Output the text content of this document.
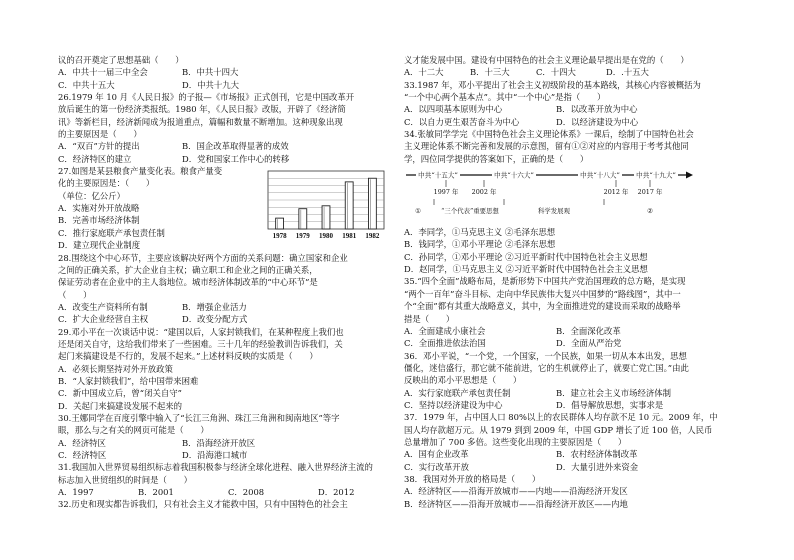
议的召开奠定了思想基础（　　）
A．中共十一届三中全会	B．中共十四大
C．中共十五大	D．中共十九大
26.1979 年 10 月《人民日报》的子报—《市场报》正式创刊，它是中国改革开
放后诞生的第一份经济类报纸。1980 年，《人民日报》改版，开辟了《经济简
讯》等新栏目，经济新闻成为报道重点，篇幅和数量不断增加。这种现象出现
的主要原因是（　　）
A．“双百”方针的提出	B．国企改革取得显著的成效
C．经济特区的建立	D．党和国家工作中心的转移
27.如图是某县粮食产量变化表。粮食产量变
化的主要原因是：（　　）
（单位：亿公斤）
A．实施对外开放战略
B．完善市场经济体制
C．推行家庭联产承包责任制
D．建立现代企业制度
28.围绕这个中心环节，主要应该解决好两个方面的关系问题：确立国家和企业
之间的正确关系，扩大企业自主权；确立职工和企业之间的正确关系，
保证劳动者在企业中的主人翁地位。城市经济体制改革的“中心环节”是
（　　）
A．改变生产资料所有制	B．增强企业活力
C．扩大企业经营自主权	D．改变分配方式
29.邓小平在一次谈话中说：“建国以后，人家封锁我们，在某种程度上我们也
还是闭关自守，这给我们带来了一些困难。三十几年的经验教训告诉我们，关
起门来搞建设是不行的，发展不起来。”上述材料反映的实质是（　　）
A．必须长期坚持对外开放政策
B．“人家封锁我们”，给中国带来困难
C．新中国成立后，曾“闭关自守”
D．关起门来搞建设发展不起来的
30.王娜同学在百度引擎中输入了“长江三角洲、珠江三角洲和闽南地区”等字
眼，那么与之有关的网页可能是（　　）
A．经济特区	B．沿海经济开放区
C．经济特区	D．沿海港口城市
31.我国加入世界贸易组织标志着我国积极参与经济全球化进程、融入世界经济主流的
标志加入世贸组织的时间是（　　）
A．1997	B．2001	C．2008	D．2012
32.历史和现实都告诉我们，只有社会主义才能救中国，只有中国特色的社会主
1978 1979 1980 1981 1982
义才能发展中国。建设有中国特色的社会主义理论最早提出是在党的（　　）
A．十二大	B．十三大	C．十四大	D．.十五大
33.1987 年，邓小平提出了社会主义初级阶段的基本路线，其核心内容被概括为
“一个中心两个基本点”。其中“一个中心”是指（　　）
A．以四项基本原则为中心	B．以改革开放为中心
C．以自力更生艰苦奋斗为中心	D．以经济建设为中心
34.张敏同学学完《中国特色社会主义理论体系》一课后，绘制了中国特色社会
主义理论体系不断完善和发展的示意图，留有①②对应的内容用于考考其他同
学，四位同学提供的答案如下，正确的是（　　）
A．李同学，①马克思主义 ②毛泽东思想
B．钱同学，①邓小平理论 ②毛泽东思想
C．孙同学，①邓小平理论 ②习近平新时代中国特色社会主义思想
D．赵同学，①马克思主义 ②习近平新时代中国特色社会主义思想
35.“四个全面”战略布局，是新形势下中国共产党治国理政的总方略，是实现
“两个一百年”奋斗目标、走向中华民族伟大复兴中国梦的“路线图”，其中一
个“全面”都有其重大战略意义，其中，为全面推进党的建设而采取的战略举
措是（　　）
A．全面建成小康社会	B．全面深化改革
C．全面推进依法治国	D．全面从严治党
36．邓小平说，“一个党，一个国家，一个民族，如果一切从本本出发，思想
僵化，迷信盛行，那它就不能前进，它的生机就停止了，就要亡党亡国。”由此
反映出的邓小平思想是（　　）
A．实行家庭联产承包责任制	B．建立社会主义市场经济体制
C．坚持以经济建设为中心	D．倡导解放思想，实事求是
37．1979 年，占中国人口 80%以上的农民群体人均存款不足 10 元。2009 年，中
国人均存款超万元。从 1979 到到 2009 年，中国 GDP 增长了近 100 倍，人民币
总量增加了 700 多倍。这些变化出现的主要原因是（　　）
A．国有企业改革	B．农村经济体制改革
C．实行改革开放	D．大量引进外来资金
38．我国对外开放的格局是（　　）
A．经济特区——沿海开放城市——内地——沿海经济开发区
B．经济特区——沿海开放城市——沿海经济开放区——内地
中共“十五大”	中共“十六大”	中共“十八大” 中共“十九大”
1997 年 2002 年	2012 年 2017 年
①	“三个代表”重要思想	科学发展观	②
